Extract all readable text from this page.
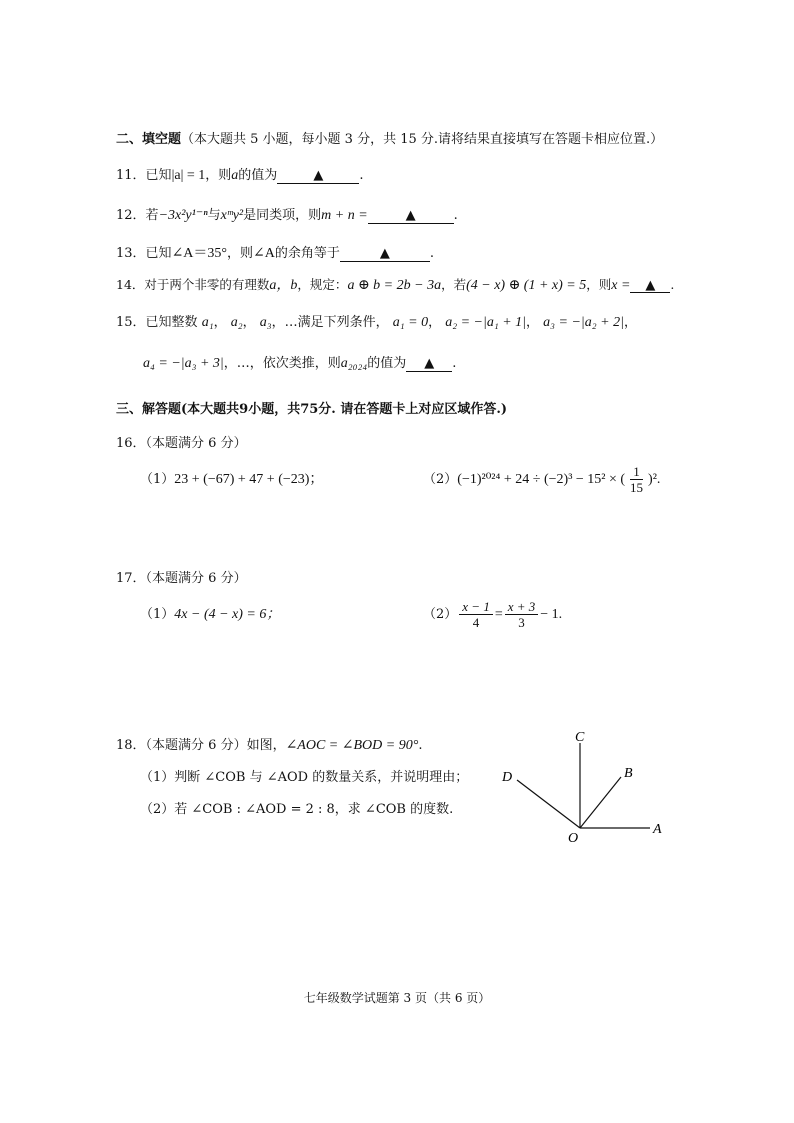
二、填空题（本大题共 5 小题，每小题 3 分，共 15 分.请将结果直接填写在答题卡相应位置.）
11．已知|a| = 1，则a的值为	▲	.
12．若−3x²y¹⁻ⁿ与xᵐy²是同类项，则m + n =	▲	.
13．已知∠A＝35°，则∠A的余角等于	▲	.
14．对于两个非零的有理数a，b，规定：a ⊕ b = 2b − 3a，若(4 − x) ⊕ (1 + x) = 5，则x = ▲ .
15．已知整数 a₁， a₂， a₃，…满足下列条件， a₁ = 0， a₂ = −|a₁ + 1|， a₃ = −|a₂ + 2|，
a₄ = −|a₃ + 3|，…，依次类推，则a₂₀₂₄的值为 ▲ .
三、解答题(本大题共9小题，共75分. 请在答题卡上对应区域作答.)
16．（本题满分 6 分）
（1）23 + (−67) + 47 + (−23)；	（2）(−1)²⁰²⁴ + 24 ÷ (−2)³ − 15² × ( $\frac{1}{15} )^2$.
17．（本题满分 6 分）
（1）4x − (4 − x) = 6；	$(2) \frac{x - 1}{4} = \frac{x + 3}{3} - 1$.
18．（本题满分 6 分）如图，∠AOC = ∠BOD = 90°.
（1）判断 ∠COB 与 ∠AOD 的数量关系，并说明理由；
（2）若 ∠COB : ∠AOD = 2 : 8，求 ∠COB 的度数.
C
B
D
A
O
七年级数学试题第 3 页（共 6 页）
